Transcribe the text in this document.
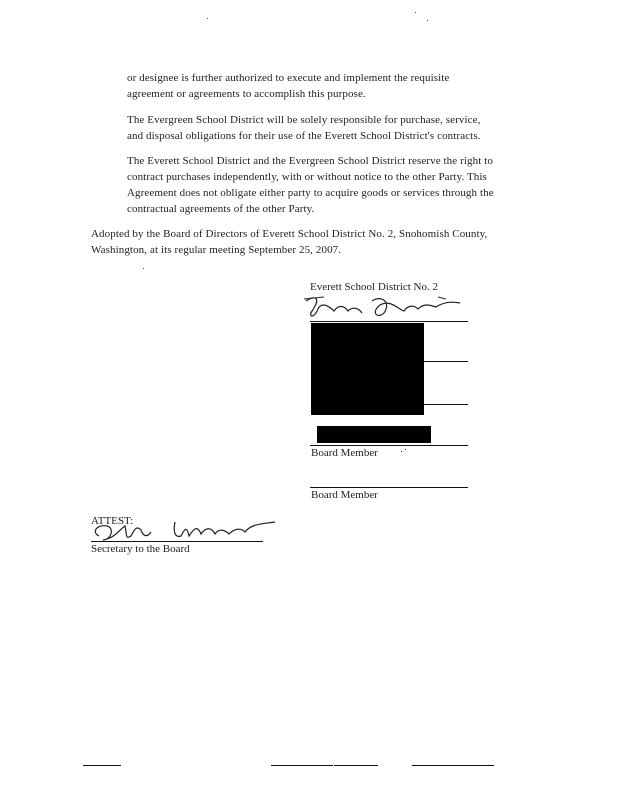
or designee is further authorized to execute and implement the requisite

agreement or agreements to accomplish this purpose.

The Evergreen School District will be solely responsible for purchase, service,

and disposal obligations for their use of the Everett School District's contracts.

The Everett School District and the Evergreen School District reserve the right to

contract purchases independently, with or without notice to the other Party. This

Agreement does not obligate either party to acquire goods or services through the

contractual agreements of the other Party.

Adopted by the Board of Directors of Everett School District No. 2, Snohomish County,

Washington, at its regular meeting September 25, 2007.

Everett School District No. 2
Board Member
Board Member
ATTEST:
Secretary to the Board
